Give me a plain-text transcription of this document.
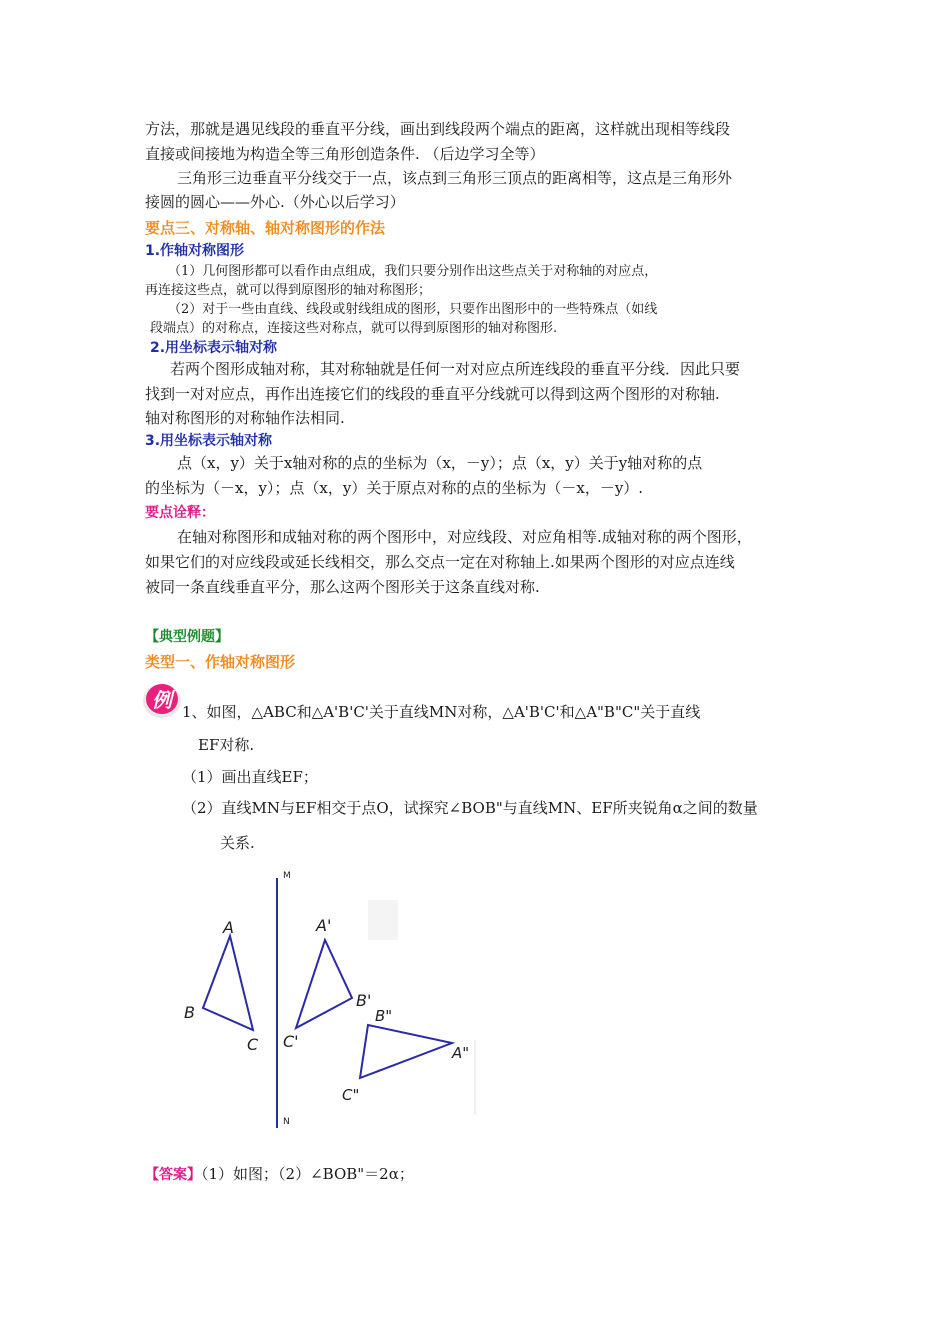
方法，那就是遇见线段的垂直平分线，画出到线段两个端点的距离，这样就出现相等线段
直接或间接地为构造全等三角形创造条件. （后边学习全等）
三角形三边垂直平分线交于一点，该点到三角形三顶点的距离相等，这点是三角形外
接圆的圆心——外心.（外心以后学习）
要点三、对称轴、轴对称图形的作法
1.作轴对称图形
（1）几何图形都可以看作由点组成，我们只要分别作出这些点关于对称轴的对应点，
再连接这些点，就可以得到原图形的轴对称图形；
（2）对于一些由直线、线段或射线组成的图形，只要作出图形中的一些特殊点（如线
段端点）的对称点，连接这些对称点，就可以得到原图形的轴对称图形.
2.用坐标表示轴对称
若两个图形成轴对称，其对称轴就是任何一对对应点所连线段的垂直平分线．因此只要
找到一对对应点，再作出连接它们的线段的垂直平分线就可以得到这两个图形的对称轴.
轴对称图形的对称轴作法相同.
3.用坐标表示轴对称
点（x，y）关于x轴对称的点的坐标为（x，－y）；点（x，y）关于y轴对称的点
的坐标为（－x，y）；点（x，y）关于原点对称的点的坐标为（－x，－y）.
要点诠释：
在轴对称图形和成轴对称的两个图形中，对应线段、对应角相等.成轴对称的两个图形，
如果它们的对应线段或延长线相交，那么交点一定在对称轴上.如果两个图形的对应点连线
被同一条直线垂直平分，那么这两个图形关于这条直线对称.
【典型例题】
类型一、作轴对称图形
例 1、如图，△ABC和△A'B'C'关于直线MN对称，△A'B'C'和△A"B"C"关于直线
EF对称.
（1）画出直线EF；
（2）直线MN与EF相交于点O，试探究∠BOB"与直线MN、EF所夹锐角α之间的数量
关系.
M
N
A
B
C
A'
B'
C'
B"
A"
C"
【答案】（1）如图；（2）∠BOB"＝2α；
